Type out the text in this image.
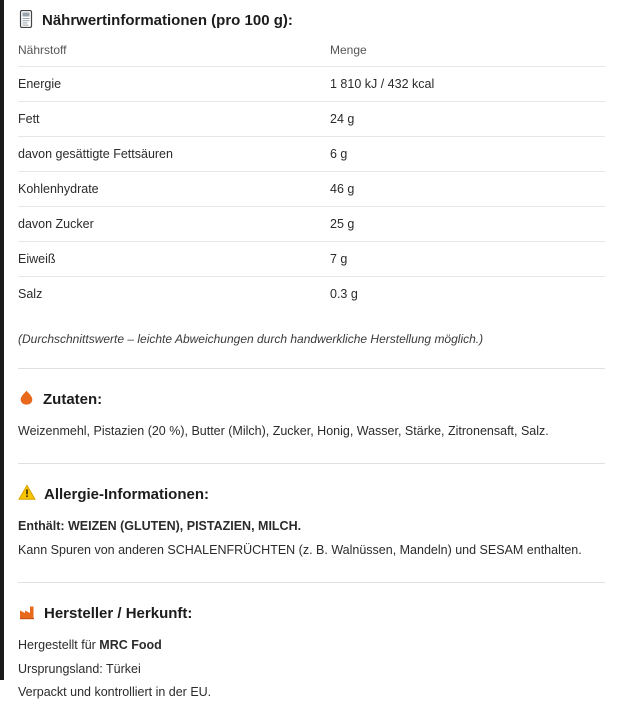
Nährwertinformationen (pro 100 g):
Nährstoff	Menge
Energie	1 810 kJ / 432 kcal
Fett	24 g
davon gesättigte Fettsäuren	6 g
Kohlenhydrate	46 g
davon Zucker	25 g
Eiweiß	7 g
Salz	0.3 g

(Durchschnittswerte – leichte Abweichungen durch handwerkliche Herstellung möglich.)

Zutaten:

Weizenmehl, Pistazien (20 %), Butter (Milch), Zucker, Honig, Wasser, Stärke, Zitronensaft, Salz.

Allergie-Informationen:

Enthält: WEIZEN (GLUTEN), PISTAZIEN, MILCH.

Kann Spuren von anderen SCHALENFRÜCHTEN (z. B. Walnüssen, Mandeln) und SESAM enthalten.

Hersteller / Herkunft:

Hergestellt für MRC Food

Ursprungsland: Türkei

Verpackt und kontrolliert in der EU.
